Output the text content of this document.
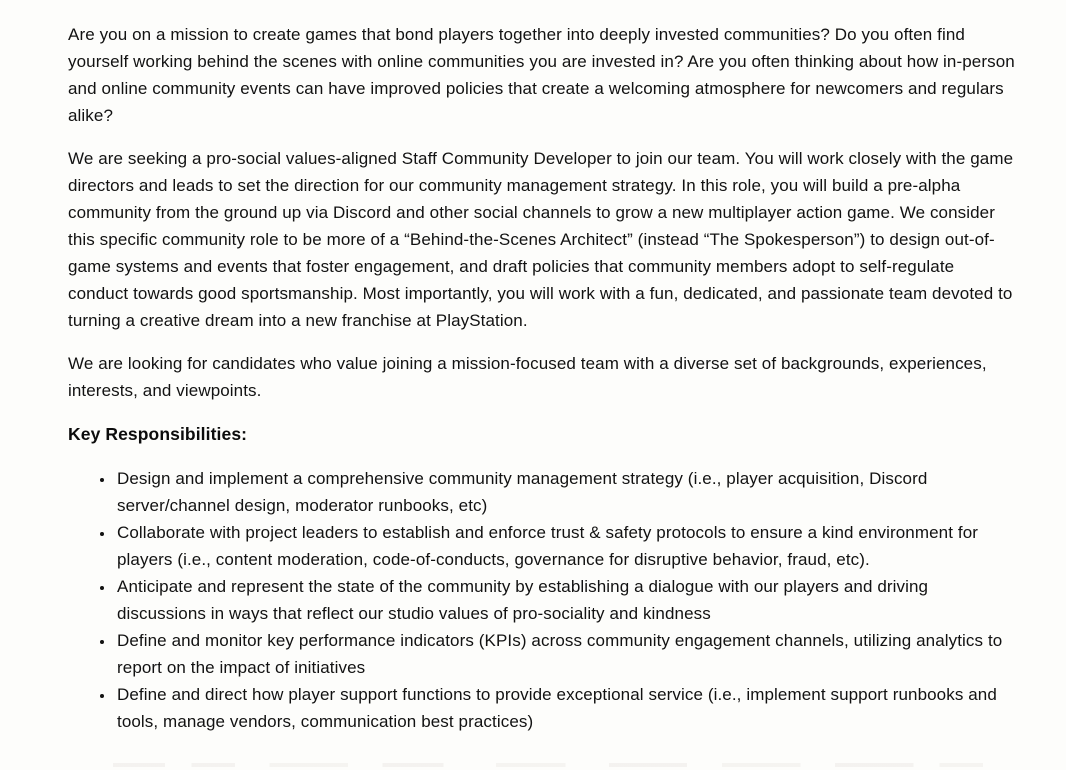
Are you on a mission to create games that bond players together into deeply invested communities? Do you often find yourself working behind the scenes with online communities you are invested in? Are you often thinking about how in-person and online community events can have improved policies that create a welcoming atmosphere for newcomers and regulars alike?

We are seeking a pro-social values-aligned Staff Community Developer to join our team. You will work closely with the game directors and leads to set the direction for our community management strategy. In this role, you will build a pre-alpha community from the ground up via Discord and other social channels to grow a new multiplayer action game. We consider this specific community role to be more of a “Behind-the-Scenes Architect” (instead “The Spokesperson”) to design out-of-game systems and events that foster engagement, and draft policies that community members adopt to self-regulate conduct towards good sportsmanship. Most importantly, you will work with a fun, dedicated, and passionate team devoted to turning a creative dream into a new franchise at PlayStation.

We are looking for candidates who value joining a mission-focused team with a diverse set of backgrounds, experiences, interests, and viewpoints.

Key Responsibilities:
• Design and implement a comprehensive community management strategy (i.e., player acquisition, Discord server/channel design, moderator runbooks, etc)
• Collaborate with project leaders to establish and enforce trust & safety protocols to ensure a kind environment for players (i.e., content moderation, code-of-conducts, governance for disruptive behavior, fraud, etc).
• Anticipate and represent the state of the community by establishing a dialogue with our players and driving discussions in ways that reflect our studio values of pro-sociality and kindness
• Define and monitor key performance indicators (KPIs) across community engagement channels, utilizing analytics to report on the impact of initiatives
• Define and direct how player support functions to provide exceptional service (i.e., implement support runbooks and tools, manage vendors, communication best practices)
